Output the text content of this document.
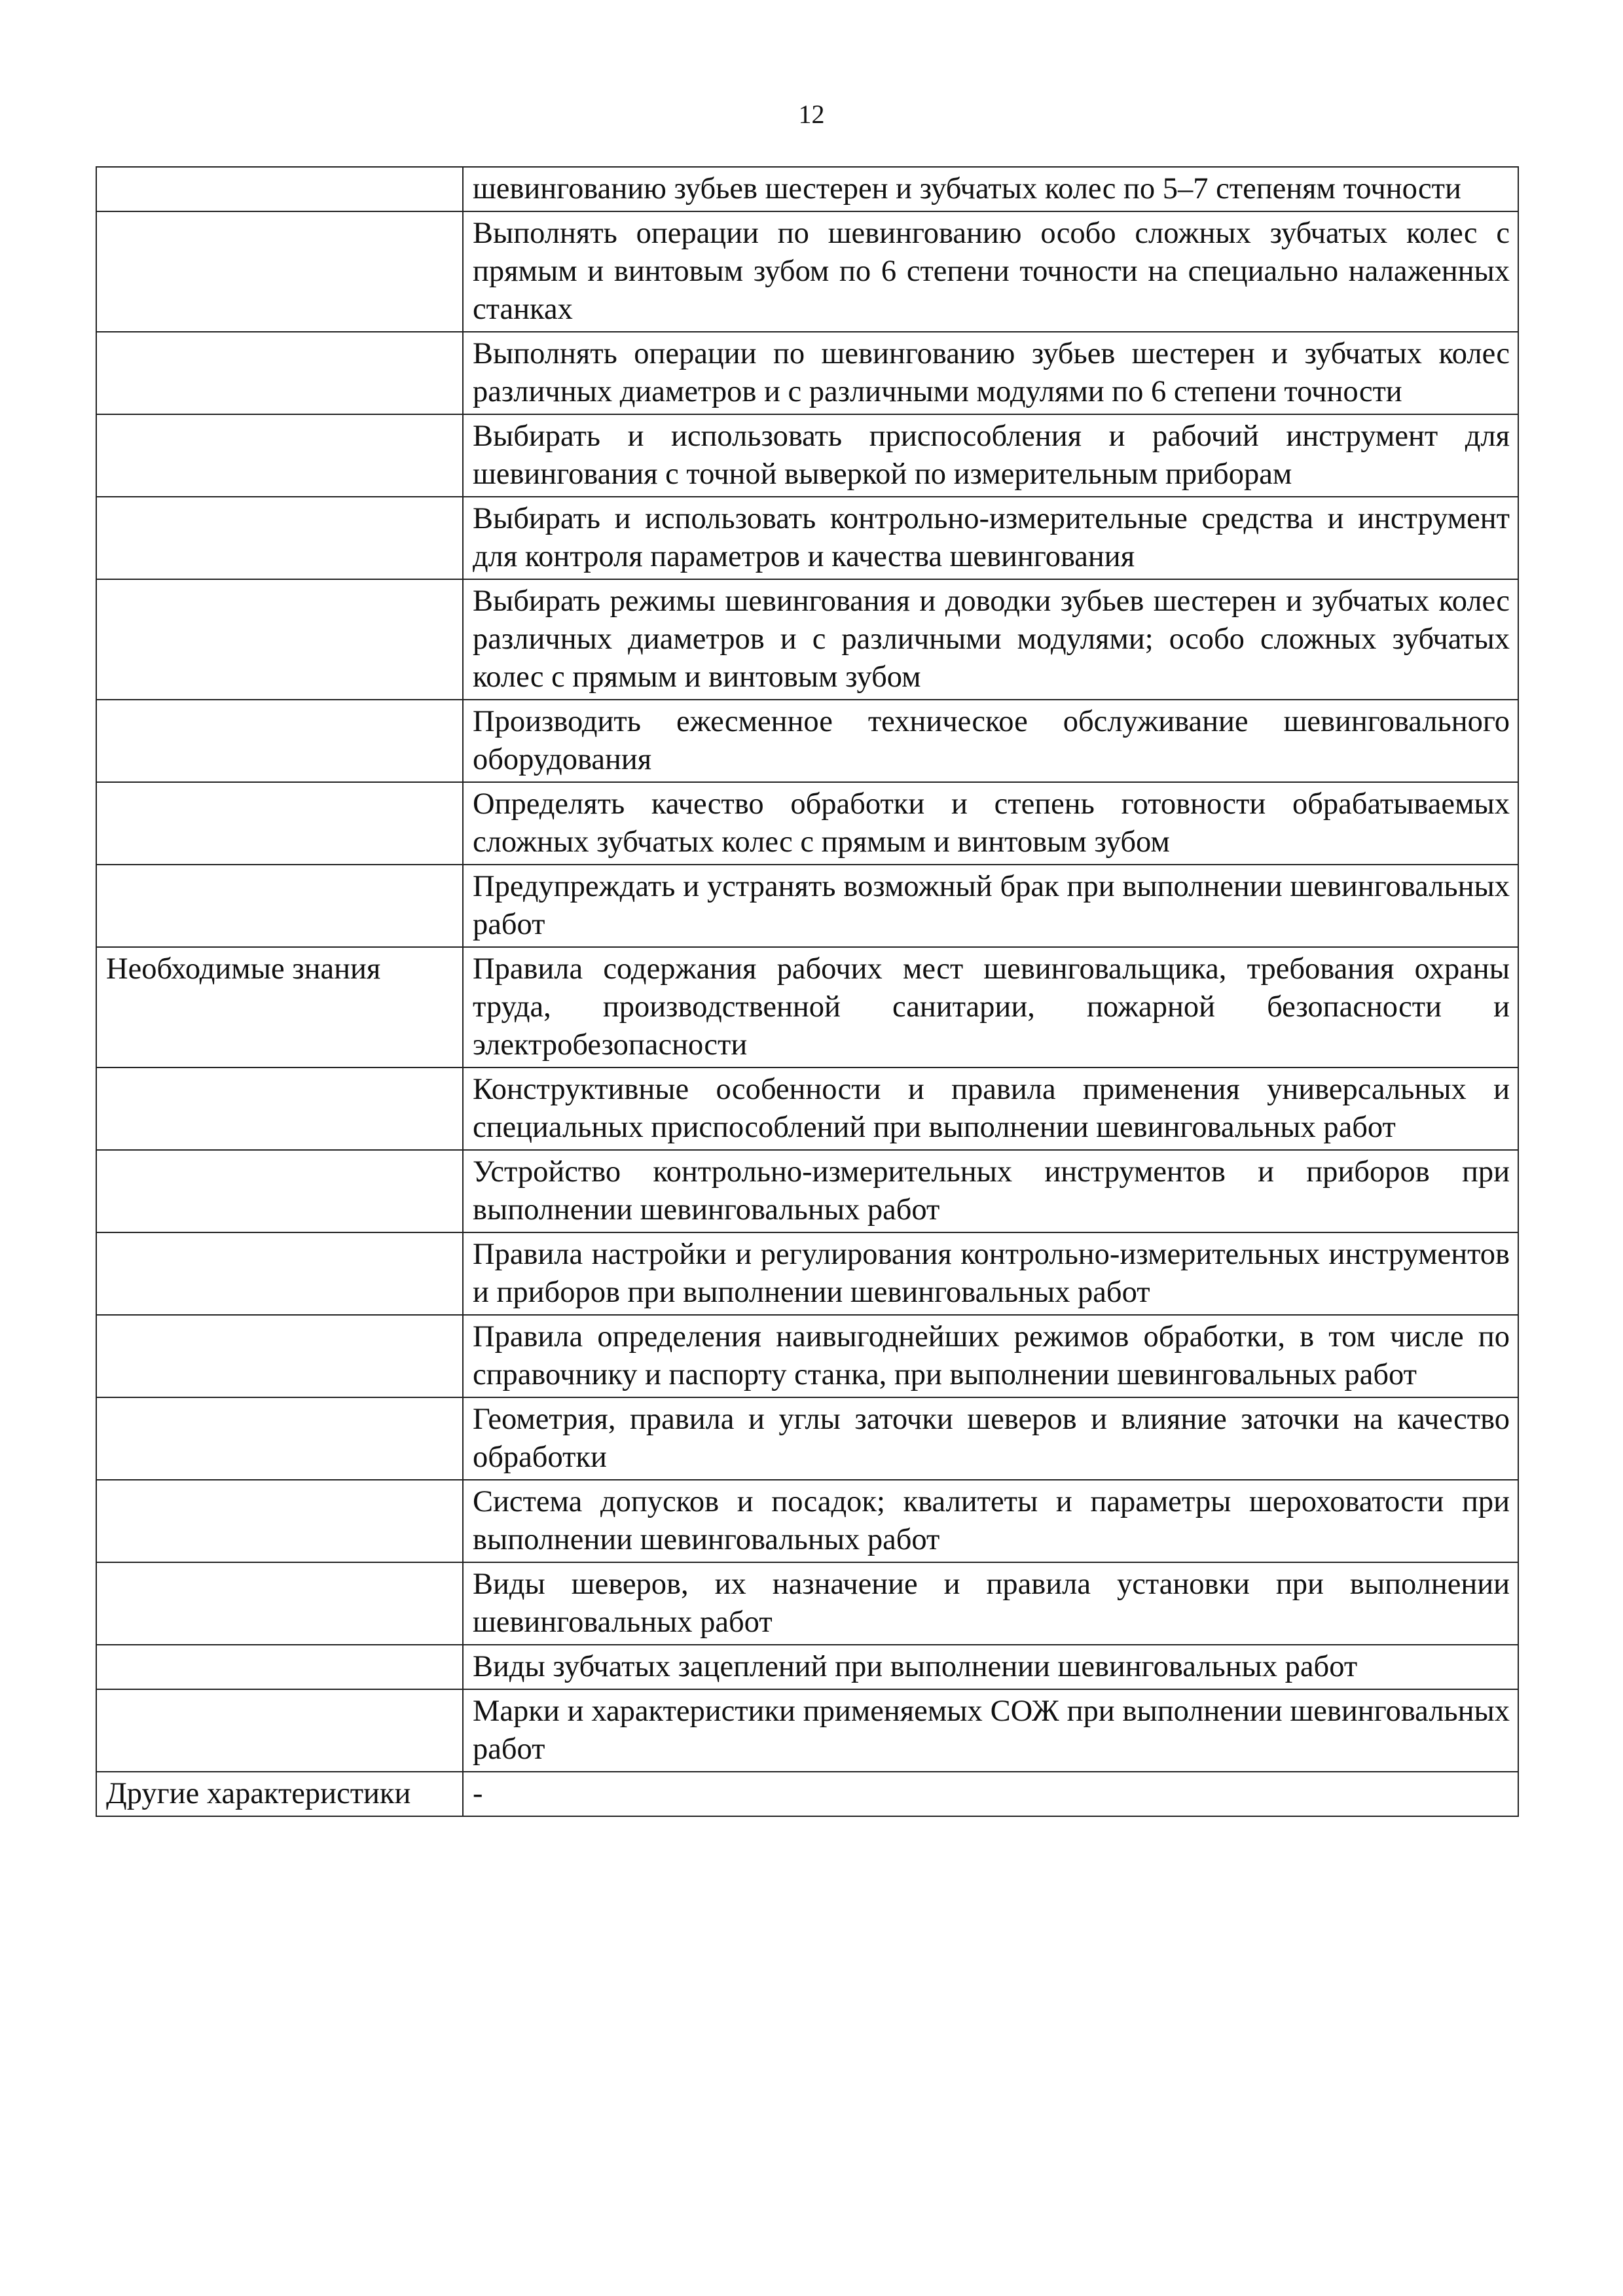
12
	шевингованию зубьев шестерен и зубчатых колес по 5–7 степеням точности
	Выполнять операции по шевингованию особо сложных зубчатых колес с прямым и винтовым зубом по 6 степени точности на специально налаженных станках
	Выполнять операции по шевингованию зубьев шестерен и зубчатых колес различных диаметров и с различными модулями по 6 степени точности
	Выбирать и использовать приспособления и рабочий инструмент для шевингования с точной выверкой по измерительным приборам
	Выбирать и использовать контрольно-измерительные средства и инструмент для контроля параметров и качества шевингования
	Выбирать режимы шевингования и доводки зубьев шестерен и зубчатых колес различных диаметров и с различными модулями; особо сложных зубчатых колес с прямым и винтовым зубом
	Производить ежесменное техническое обслуживание шевинговального оборудования
	Определять качество обработки и степень готовности обрабатываемых сложных зубчатых колес с прямым и винтовым зубом
	Предупреждать и устранять возможный брак при выполнении шевинговальных работ
Необходимые знания	Правила содержания рабочих мест шевинговальщика, требования охраны труда, производственной санитарии, пожарной безопасности и электробезопасности
	Конструктивные особенности и правила применения универсальных и специальных приспособлений при выполнении шевинговальных работ
	Устройство контрольно-измерительных инструментов и приборов при выполнении шевинговальных работ
	Правила настройки и регулирования контрольно-измерительных инструментов и приборов при выполнении шевинговальных работ
	Правила определения наивыгоднейших режимов обработки, в том числе по справочнику и паспорту станка, при выполнении шевинговальных работ
	Геометрия, правила и углы заточки шеверов и влияние заточки на качество обработки
	Система допусков и посадок; квалитеты и параметры шероховатости при выполнении шевинговальных работ
	Виды шеверов, их назначение и правила установки при выполнении шевинговальных работ
	Виды зубчатых зацеплений при выполнении шевинговальных работ
	Марки и характеристики применяемых СОЖ при выполнении шевинговальных работ
Другие характеристики	-
